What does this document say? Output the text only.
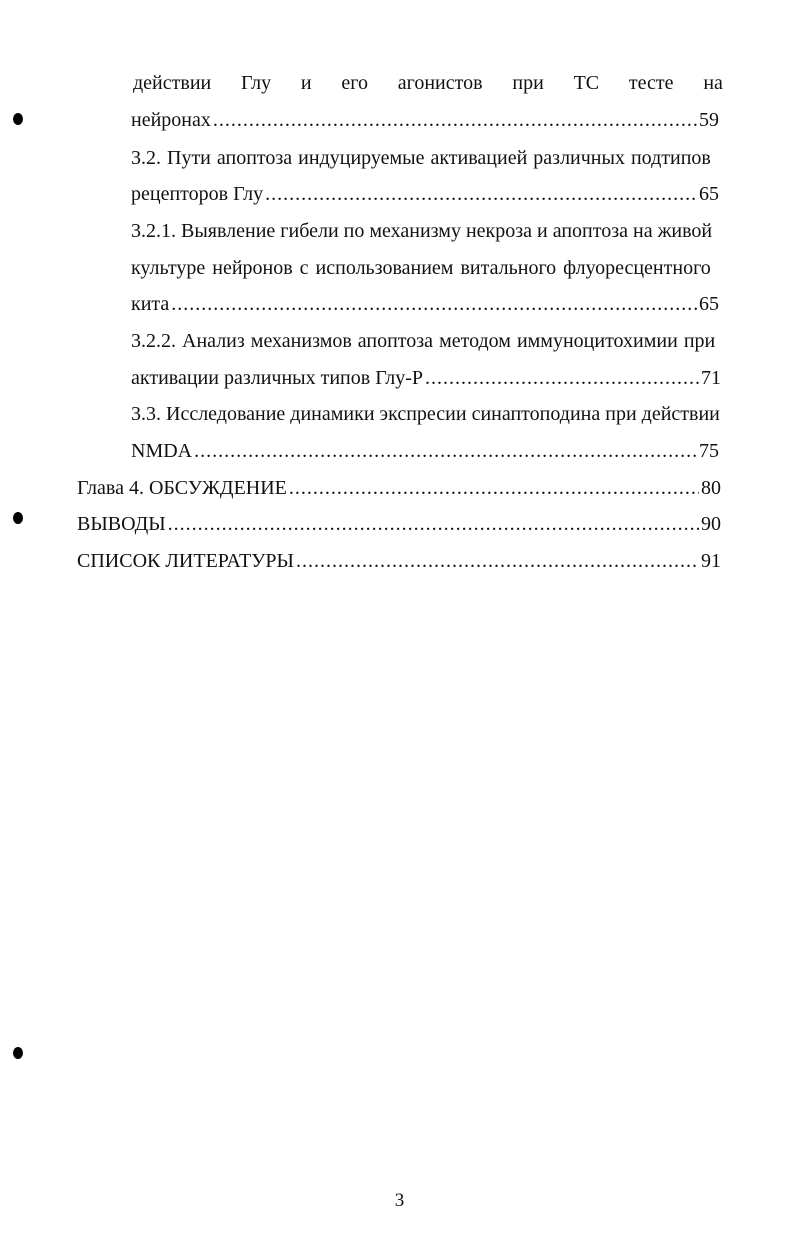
действии Глу и его агонистов при ТС тесте на
нейронах .....	59
3.2. Пути апоптоза индуцируемые активацией различных подтипов
рецепторов Глу .....	65
3.2.1. Выявление гибели по механизму некроза и апоптоза на живой
культуре нейронов с использованием витального флуоресцентного
кита .....	65
3.2.2. Анализ механизмов апоптоза методом иммуноцитохимии при
активации различных типов Глу-Р .....	71
3.3. Исследование динамики экспресии синаптоподина при действии
NMDA .....	75
Глава 4. ОБСУЖДЕНИЕ .....	80
ВЫВОДЫ .....	90
СПИСОК ЛИТЕРАТУРЫ .....	91
3
